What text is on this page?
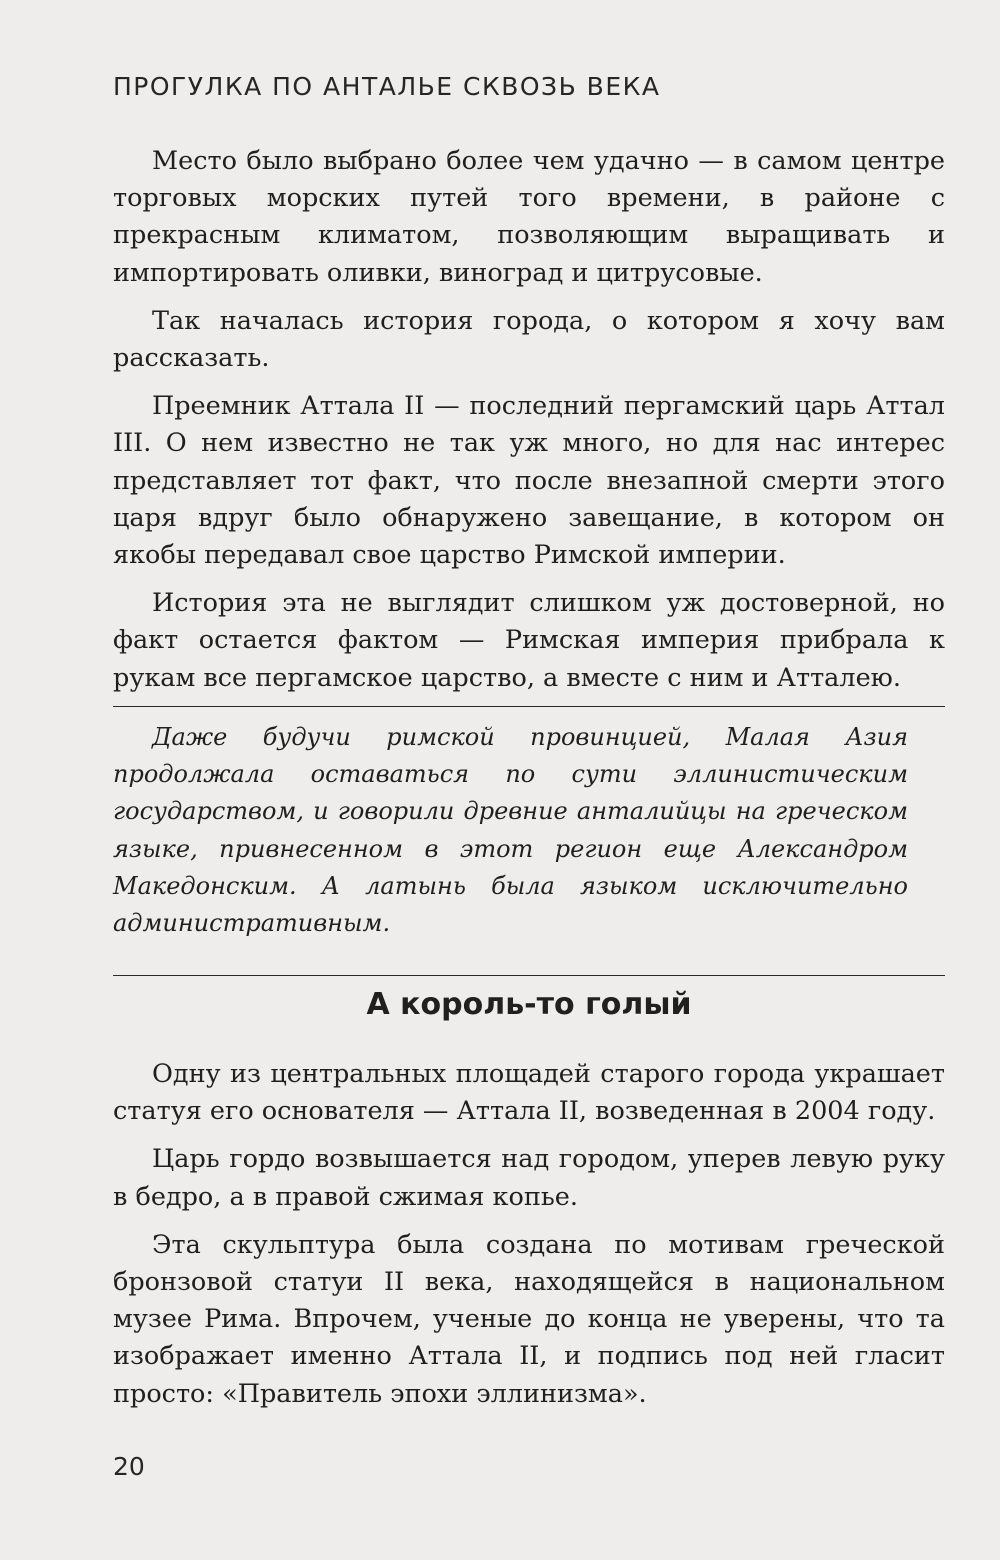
ПРОГУЛКА ПО АНТАЛЬЕ СКВОЗЬ ВЕКА

Место было выбрано более чем удачно — в самом центре торговых морских путей того времени, в районе с прекрасным климатом, позволяющим выращивать и импортировать оливки, виноград и цитрусовые.

Так началась история города, о котором я хочу вам рассказать.

Преемник Аттала II — последний пергамский царь Аттал III. О нем известно не так уж много, но для нас интерес представляет тот факт, что после внезапной смерти этого царя вдруг было обнаружено завещание, в котором он якобы передавал свое царство Римской империи.

История эта не выглядит слишком уж достоверной, но факт остается фактом — Римская империя прибрала к рукам все пергамское царство, а вместе с ним и Атталею.

Даже будучи римской провинцией, Малая Азия продолжала оставаться по сути эллинистическим государством, и говорили древние анталийцы на греческом языке, привнесенном в этот регион еще Александром Македонским. А латынь была языком исключительно административным.

А король-то голый

Одну из центральных площадей старого города украшает статуя его основателя — Аттала II, возведенная в 2004 году.

Царь гордо возвышается над городом, уперев левую руку в бедро, а в правой сжимая копье.

Эта скульптура была создана по мотивам греческой бронзовой статуи II века, находящейся в национальном музее Рима. Впрочем, ученые до конца не уверены, что та изображает именно Аттала II, и подпись под ней гласит просто: «Правитель эпохи эллинизма».

20
